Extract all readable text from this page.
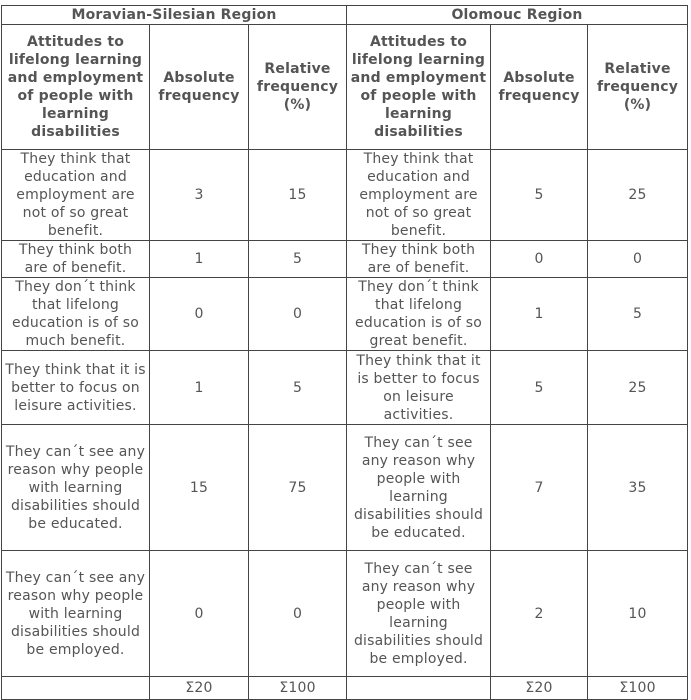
Moravian-Silesian Region			Olomouc Region		
Attitudes to lifelong learning and employment of people with learning disabilities	Absolute frequency	Relative frequency (%)	Attitudes to lifelong learning and employment of people with learning disabilities	Absolute frequency	Relative frequency (%)
They think that education and employment are not of so great benefit.	3	15	They think that education and employment are not of so great benefit.	5	25
They think both are of benefit.	1	5	They think both are of benefit.	0	0
They don´t think that lifelong education is of so much benefit.	0	0	They don´t think that lifelong education is of so great benefit.	1	5
They think that it is better to focus on leisure activities.	1	5	They think that it is better to focus on leisure activities.	5	25
They can´t see any reason why people with learning disabilities should be educated.	15	75	They can´t see any reason why people with learning disabilities should be educated.	7	35
They can´t see any reason why people with learning disabilities should be employed.	0	0	They can´t see any reason why people with learning disabilities should be employed.	2	10
	Σ20	Σ100		Σ20	Σ100
